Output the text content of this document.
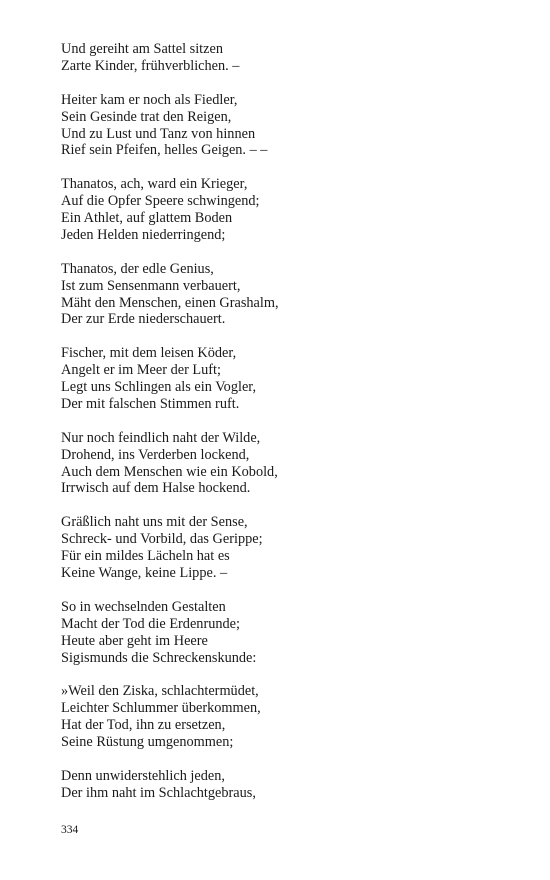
Und gereiht am Sattel sitzen
Zarte Kinder, frühverblichen. –
Heiter kam er noch als Fiedler,
Sein Gesinde trat den Reigen,
Und zu Lust und Tanz von hinnen
Rief sein Pfeifen, helles Geigen. – –
Thanatos, ach, ward ein Krieger,
Auf die Opfer Speere schwingend;
Ein Athlet, auf glattem Boden
Jeden Helden niederringend;
Thanatos, der edle Genius,
Ist zum Sensenmann verbauert,
Mäht den Menschen, einen Grashalm,
Der zur Erde niederschauert.
Fischer, mit dem leisen Köder,
Angelt er im Meer der Luft;
Legt uns Schlingen als ein Vogler,
Der mit falschen Stimmen ruft.
Nur noch feindlich naht der Wilde,
Drohend, ins Verderben lockend,
Auch dem Menschen wie ein Kobold,
Irrwisch auf dem Halse hockend.
Gräßlich naht uns mit der Sense,
Schreck- und Vorbild, das Gerippe;
Für ein mildes Lächeln hat es
Keine Wange, keine Lippe. –
So in wechselnden Gestalten
Macht der Tod die Erdenrunde;
Heute aber geht im Heere
Sigismunds die Schreckenskunde:
»Weil den Ziska, schlachtermüdet,
Leichter Schlummer überkommen,
Hat der Tod, ihn zu ersetzen,
Seine Rüstung umgenommen;
Denn unwiderstehlich jeden,
Der ihm naht im Schlachtgebraus,
334
